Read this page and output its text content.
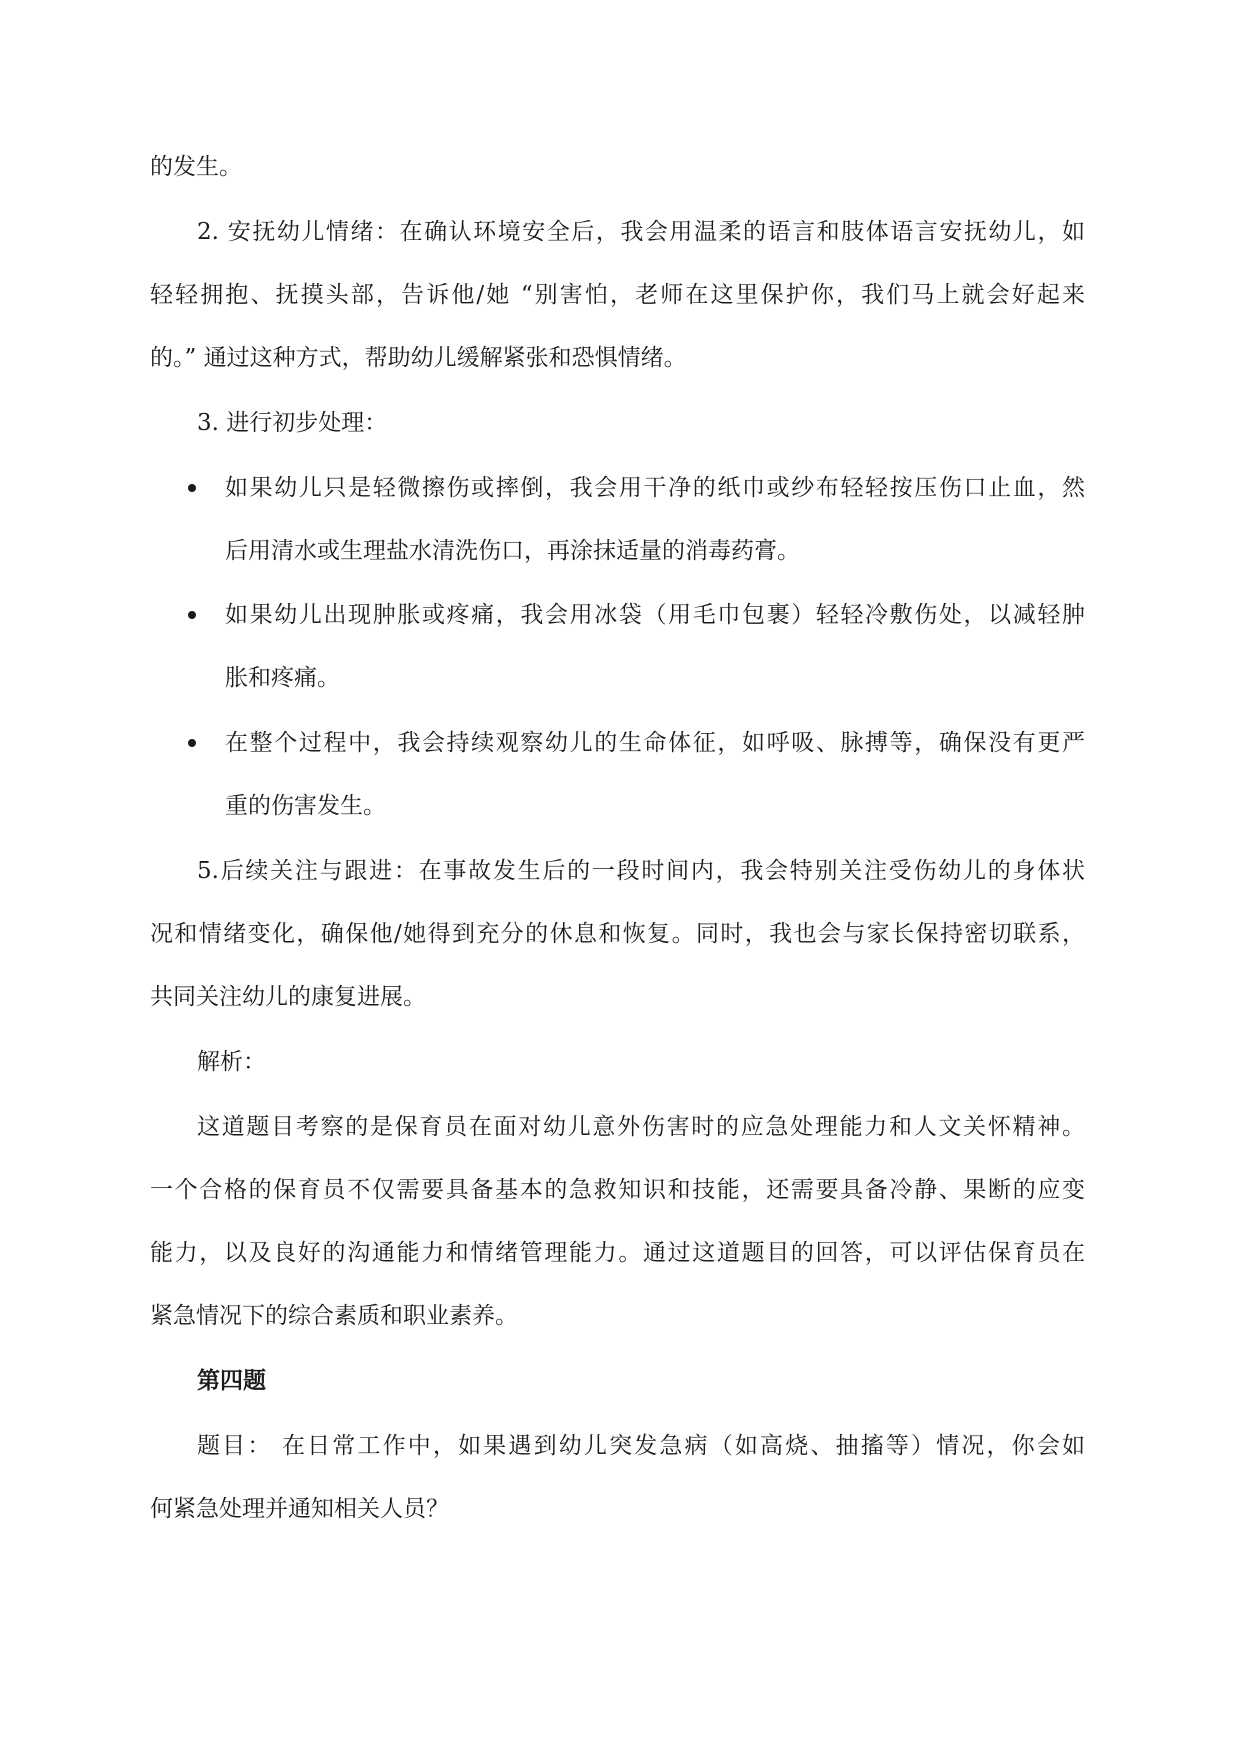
的发生。
2. 安抚幼儿情绪：在确认环境安全后，我会用温柔的语言和肢体语言安抚幼儿，如
轻轻拥抱、抚摸头部，告诉他/她 “别害怕，老师在这里保护你，我们马上就会好起来
的。” 通过这种方式，帮助幼儿缓解紧张和恐惧情绪。
3. 进行初步处理：
如果幼儿只是轻微擦伤或摔倒，我会用干净的纸巾或纱布轻轻按压伤口止血，然
后用清水或生理盐水清洗伤口，再涂抹适量的消毒药膏。
如果幼儿出现肿胀或疼痛，我会用冰袋（用毛巾包裹）轻轻冷敷伤处，以减轻肿
胀和疼痛。
在整个过程中，我会持续观察幼儿的生命体征，如呼吸、脉搏等，确保没有更严
重的伤害发生。
5.后续关注与跟进：在事故发生后的一段时间内，我会特别关注受伤幼儿的身体状
况和情绪变化，确保他/她得到充分的休息和恢复。同时，我也会与家长保持密切联系，
共同关注幼儿的康复进展。
解析：
这道题目考察的是保育员在面对幼儿意外伤害时的应急处理能力和人文关怀精神。
一个合格的保育员不仅需要具备基本的急救知识和技能，还需要具备冷静、果断的应变
能力，以及良好的沟通能力和情绪管理能力。通过这道题目的回答，可以评估保育员在
紧急情况下的综合素质和职业素养。
第四题
题目： 在日常工作中，如果遇到幼儿突发急病（如高烧、抽搐等）情况，你会如
何紧急处理并通知相关人员？
